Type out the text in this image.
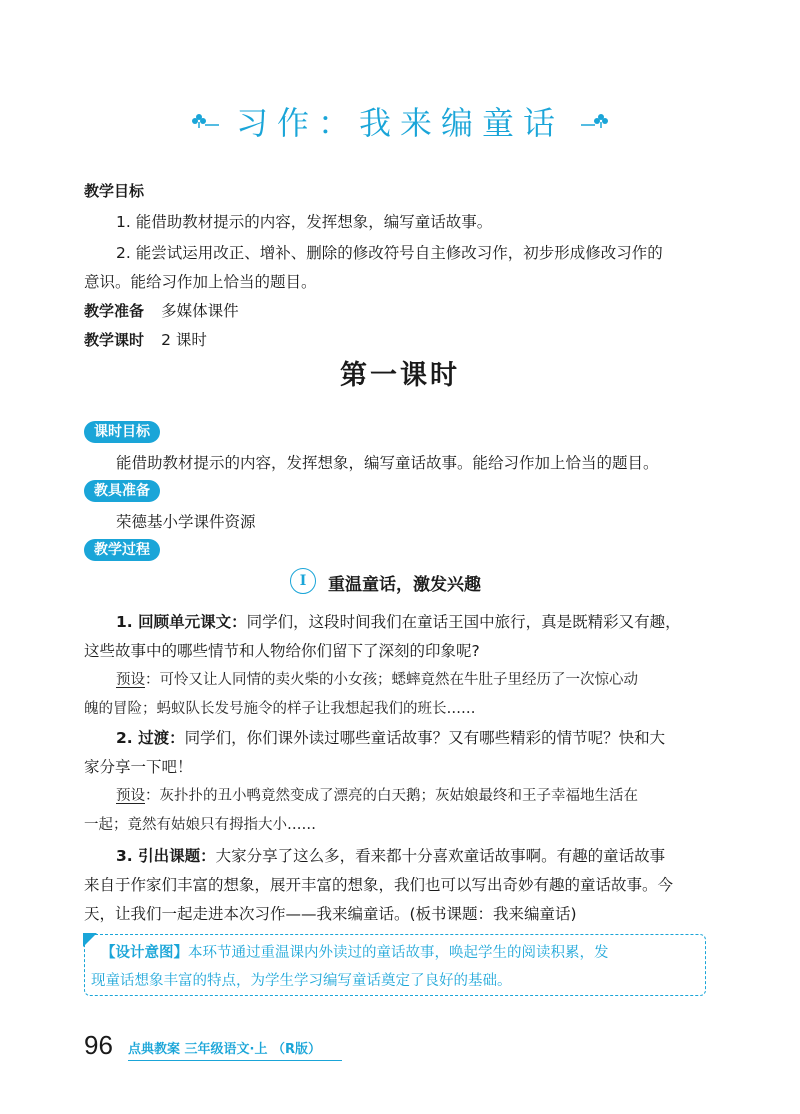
习作：我来编童话
教学目标
1. 能借助教材提示的内容，发挥想象，编写童话故事。
2. 能尝试运用改正、增补、删除的修改符号自主修改习作，初步形成修改习作的
意识。能给习作加上恰当的题目。
教学准备 多媒体课件
教学课时 2 课时
第一课时
课时目标
能借助教材提示的内容，发挥想象，编写童话故事。能给习作加上恰当的题目。
教具准备
荣德基小学课件资源
教学过程
I	重温童话，激发兴趣
1. 回顾单元课文：同学们，这段时间我们在童话王国中旅行，真是既精彩又有趣，
这些故事中的哪些情节和人物给你们留下了深刻的印象呢?
预设：可怜又让人同情的卖火柴的小女孩；蟋蟀竟然在牛肚子里经历了一次惊心动
魄的冒险；蚂蚁队长发号施令的样子让我想起我们的班长……
2. 过渡：同学们，你们课外读过哪些童话故事？又有哪些精彩的情节呢？快和大
家分享一下吧！
预设：灰扑扑的丑小鸭竟然变成了漂亮的白天鹅；灰姑娘最终和王子幸福地生活在
一起；竟然有姑娘只有拇指大小……
3. 引出课题：大家分享了这么多，看来都十分喜欢童话故事啊。有趣的童话故事
来自于作家们丰富的想象，展开丰富的想象，我们也可以写出奇妙有趣的童话故事。今
天，让我们一起走进本次习作——我来编童话。(板书课题：我来编童话)
【设计意图】本环节通过重温课内外读过的童话故事，唤起学生的阅读积累，发
现童话想象丰富的特点，为学生学习编写童话奠定了良好的基础。
96 点典教案 三年级语文·上 （R版）
